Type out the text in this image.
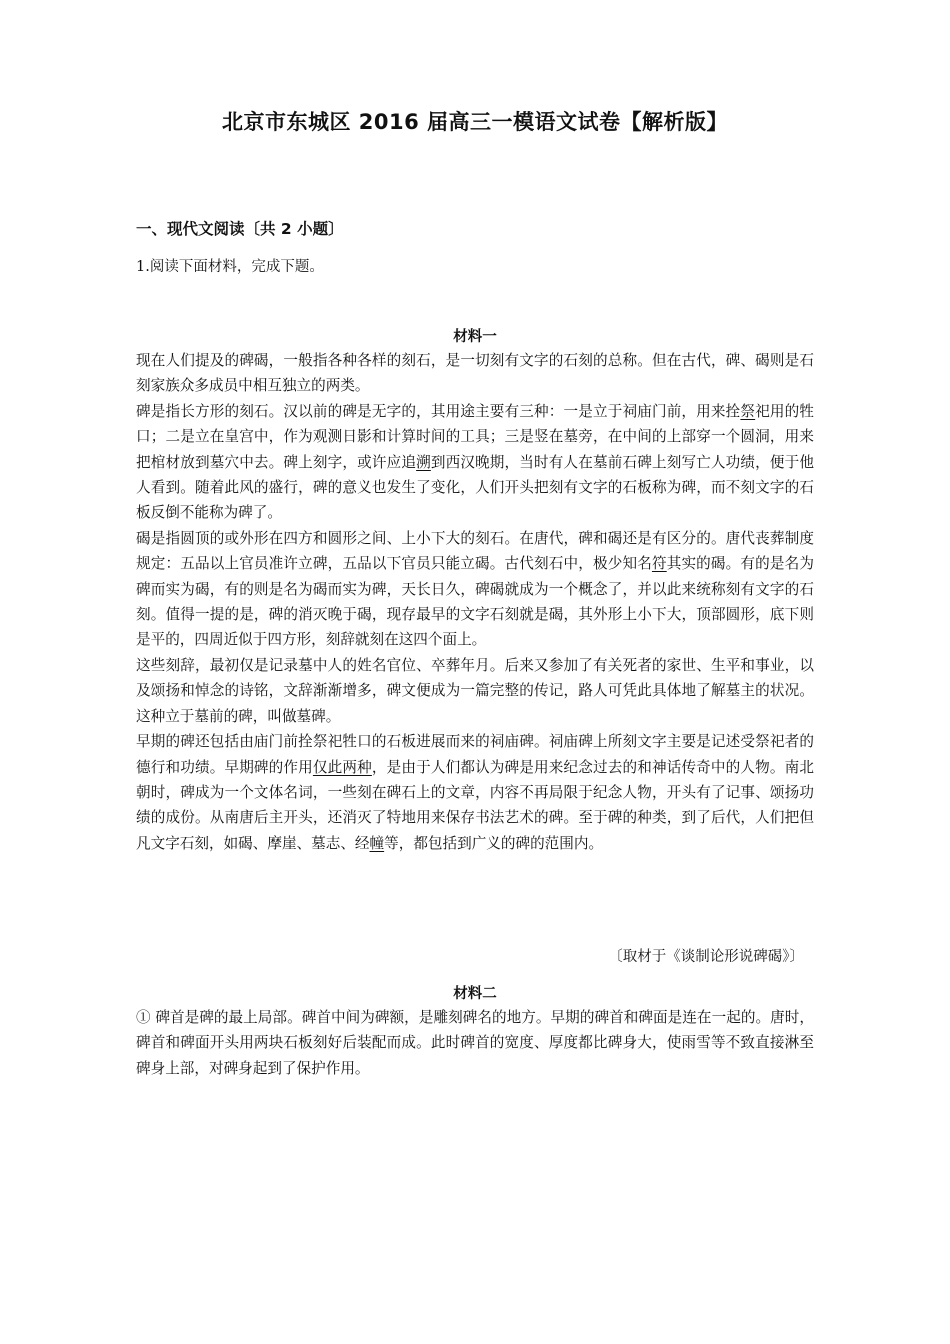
北京市东城区 2016 届高三一模语文试卷【解析版】
一、现代文阅读〔共 2 小题〕
1.阅读下面材料，完成下题。
材料一

现在人们提及的碑碣，一般指各种各样的刻石，是一切刻有文字的石刻的总称。但在古代，碑、碣则是石刻家族众多成员中相互独立的两类。

碑是指长方形的刻石。汉以前的碑是无字的，其用途主要有三种：一是立于祠庙门前，用来拴祭祀用的牲口；二是立在皇宫中，作为观测日影和计算时间的工具；三是竖在墓旁，在中间的上部穿一个圆洞，用来把棺材放到墓穴中去。碑上刻字，或许应追溯到西汉晚期，当时有人在墓前石碑上刻写亡人功绩，便于他人看到。随着此风的盛行，碑的意义也发生了变化，人们开头把刻有文字的石板称为碑，而不刻文字的石板反倒不能称为碑了。

碣是指圆顶的或外形在四方和圆形之间、上小下大的刻石。在唐代，碑和碣还是有区分的。唐代丧葬制度规定：五品以上官员准许立碑，五品以下官员只能立碣。古代刻石中，极少知名符其实的碣。有的是名为碑而实为碣，有的则是名为碣而实为碑，天长日久，碑碣就成为一个概念了，并以此来统称刻有文字的石刻。值得一提的是，碑的消灭晚于碣，现存最早的文字石刻就是碣，其外形上小下大，顶部圆形，底下则是平的，四周近似于四方形，刻辞就刻在这四个面上。

这些刻辞，最初仅是记录墓中人的姓名官位、卒葬年月。后来又参加了有关死者的家世、生平和事业，以及颂扬和悼念的诗铭，文辞渐渐增多，碑文便成为一篇完整的传记，路人可凭此具体地了解墓主的状况。这种立于墓前的碑，叫做墓碑。

早期的碑还包括由庙门前拴祭祀牲口的石板进展而来的祠庙碑。祠庙碑上所刻文字主要是记述受祭祀者的德行和功绩。早期碑的作用仅此两种，是由于人们都认为碑是用来纪念过去的和神话传奇中的人物。南北朝时，碑成为一个文体名词，一些刻在碑石上的文章，内容不再局限于纪念人物，开头有了记事、颂扬功绩的成份。从南唐后主开头，还消灭了特地用来保存书法艺术的碑。至于碑的种类，到了后代，人们把但凡文字石刻，如碣、摩崖、墓志、经幢等，都包括到广义的碑的范围内。

〔取材于《谈制论形说碑碣》〕
材料二

① 碑首是碑的最上局部。碑首中间为碑额，是雕刻碑名的地方。早期的碑首和碑面是连在一起的。唐时，碑首和碑面开头用两块石板刻好后装配而成。此时碑首的宽度、厚度都比碑身大，使雨雪等不致直接淋至碑身上部，对碑身起到了保护作用。
